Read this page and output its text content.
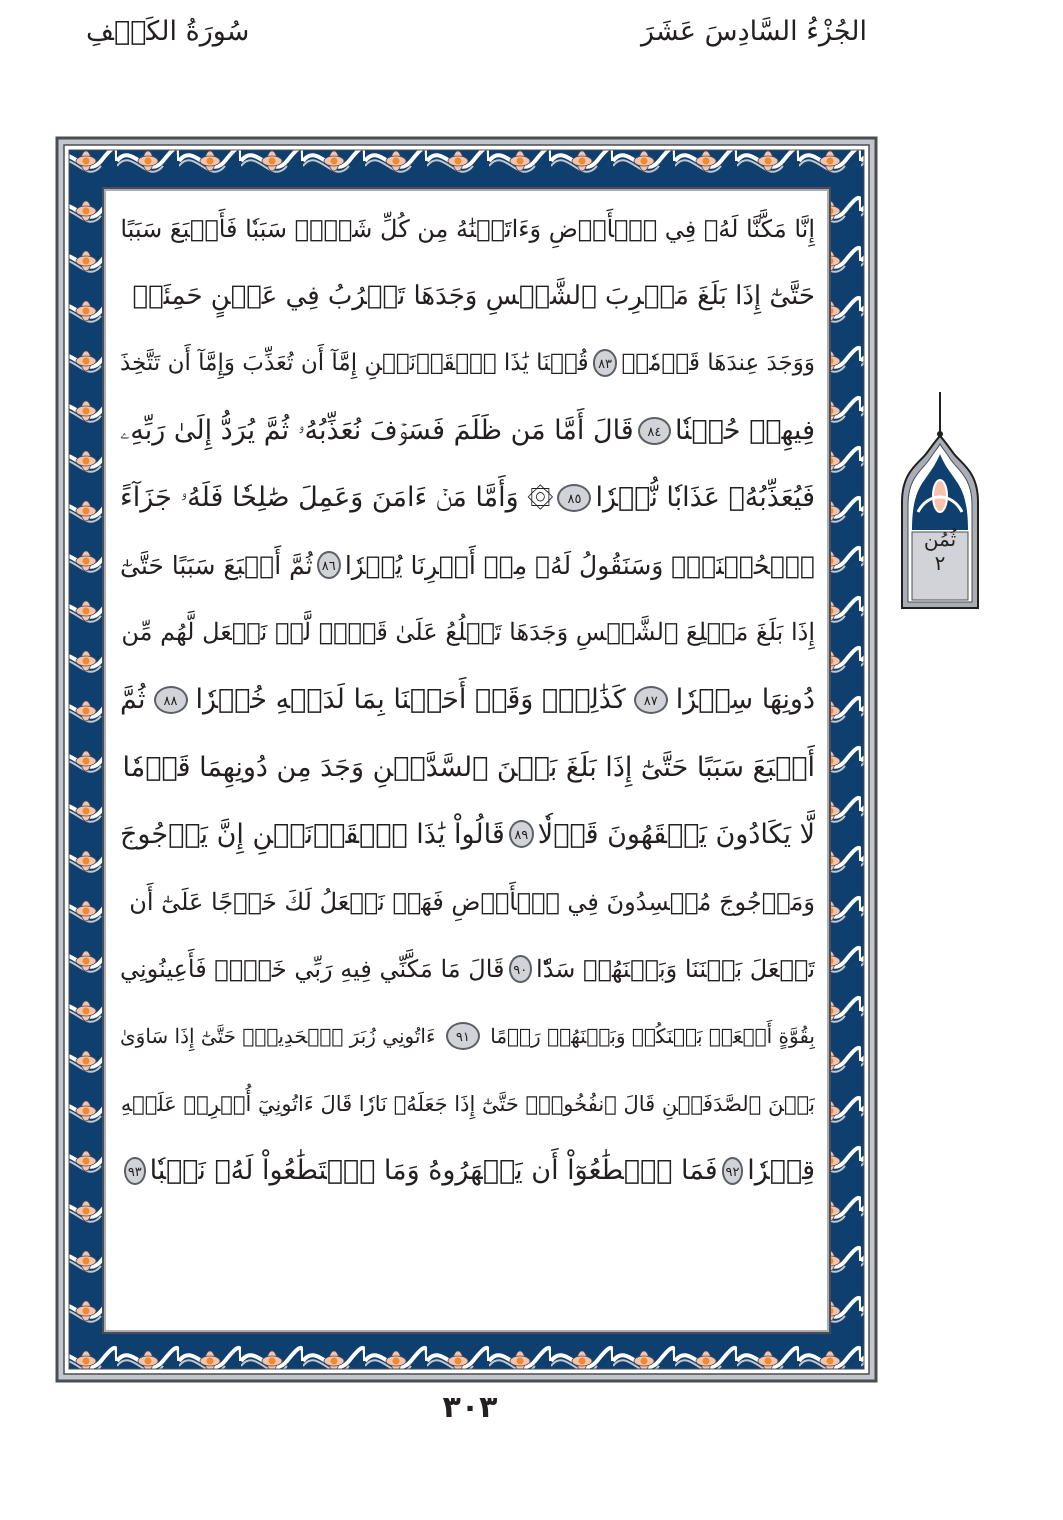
الجُزْءُ السَّادِسَ عَشَرَ
سُورَةُ الكَهۡفِ
إِنَّا مَكَّنَّا لَهُۥ فِي ٱلۡأَرۡضِ وَءَاتَيۡنَٰهُ مِن كُلِّ شَيۡءٖ سَبَبٗا فَأَتۡبَعَ سَبَبًا
حَتَّىٰٓ إِذَا بَلَغَ مَغۡرِبَ ٱلشَّمۡسِ وَجَدَهَا تَغۡرُبُ فِي عَيۡنٍ حَمِئَةٖ
وَوَجَدَ عِندَهَا قَوۡمٗاۗ
٨٣
قُلۡنَا يَٰذَا ٱلۡقَرۡنَيۡنِ إِمَّآ أَن تُعَذِّبَ وَإِمَّآ أَن تَتَّخِذَ
فِيهِمۡ حُسۡنٗا
٨٤
قَالَ أَمَّا مَن ظَلَمَ فَسَوۡفَ نُعَذِّبُهُۥ ثُمَّ يُرَدُّ إِلَىٰ رَبِّهِۦ
فَيُعَذِّبُهُۥ عَذَابٗا نُّكۡرٗا
٨٥
۞ وَأَمَّا مَنۡ ءَامَنَ وَعَمِلَ صَٰلِحٗا فَلَهُۥ جَزَآءً
ٱلۡحُسۡنَىٰۖ وَسَنَقُولُ لَهُۥ مِنۡ أَمۡرِنَا يُسۡرٗا
٨٦
ثُمَّ أَتۡبَعَ سَبَبًا حَتَّىٰٓ
إِذَا بَلَغَ مَطۡلِعَ ٱلشَّمۡسِ وَجَدَهَا تَطۡلُعُ عَلَىٰ قَوۡمٖ لَّمۡ نَجۡعَل لَّهُم مِّن
دُونِهَا سِتۡرٗا
٨٧
كَذَٰلِكَۖ وَقَدۡ أَحَطۡنَا بِمَا لَدَيۡهِ خُبۡرٗا
٨٨
ثُمَّ
أَتۡبَعَ سَبَبًا حَتَّىٰٓ إِذَا بَلَغَ بَيۡنَ ٱلسَّدَّيۡنِ وَجَدَ مِن دُونِهِمَا قَوۡمٗا
لَّا يَكَادُونَ يَفۡقَهُونَ قَوۡلٗا
٨٩
قَالُواْ يَٰذَا ٱلۡقَرۡنَيۡنِ إِنَّ يَأۡجُوجَ
وَمَأۡجُوجَ مُفۡسِدُونَ فِي ٱلۡأَرۡضِ فَهَلۡ نَجۡعَلُ لَكَ خَرۡجًا عَلَىٰٓ أَن
تَجۡعَلَ بَيۡنَنَا وَبَيۡنَهُمۡ سَدّٗا
٩٠
قَالَ مَا مَكَّنِّي فِيهِ رَبِّي خَيۡرٞ فَأَعِينُونِي
بِقُوَّةٍ أَجۡعَلۡ بَيۡنَكُمۡ وَبَيۡنَهُمۡ رَدۡمًا
٩١
ءَاتُونِي زُبَرَ ٱلۡحَدِيدِۖ حَتَّىٰٓ إِذَا سَاوَىٰ
بَيۡنَ ٱلصَّدَفَيۡنِ قَالَ ٱنفُخُواْۖ حَتَّىٰٓ إِذَا جَعَلَهُۥ نَارٗا قَالَ ءَاتُونِيٓ أُفۡرِغۡ عَلَيۡهِ
قِطۡرٗا
٩٢
فَمَا ٱسۡطَٰعُوٓاْ أَن يَظۡهَرُوهُ وَمَا ٱسۡتَطَٰعُواْ لَهُۥ نَقۡبٗا
٩٣
ثُمُن
٢
٣٠٣
